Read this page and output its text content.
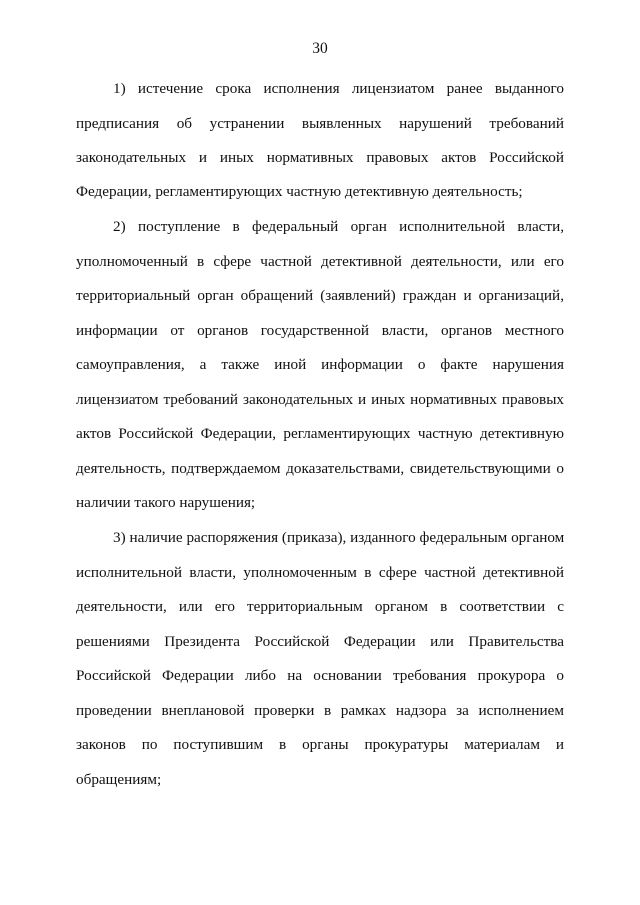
30
1) истечение срока исполнения лицензиатом ранее выданного
предписания об устранении выявленных нарушений требований
законодательных и иных нормативных правовых актов Российской
Федерации, регламентирующих частную детективную деятельность;
2) поступление в федеральный орган исполнительной власти,
уполномоченный в сфере частной детективной деятельности, или его
территориальный орган обращений (заявлений) граждан и организаций,
информации от органов государственной власти, органов местного
самоуправления, а также иной информации о факте нарушения
лицензиатом требований законодательных и иных нормативных правовых
актов Российской Федерации, регламентирующих частную детективную
деятельность, подтверждаемом доказательствами, свидетельствующими о
наличии такого нарушения;
3) наличие распоряжения (приказа), изданного федеральным органом
исполнительной власти, уполномоченным в сфере частной детективной
деятельности, или его территориальным органом в соответствии с
решениями Президента Российской Федерации или Правительства
Российской Федерации либо на основании требования прокурора о
проведении внеплановой проверки в рамках надзора за исполнением
законов по поступившим в органы прокуратуры материалам и
обращениям;
